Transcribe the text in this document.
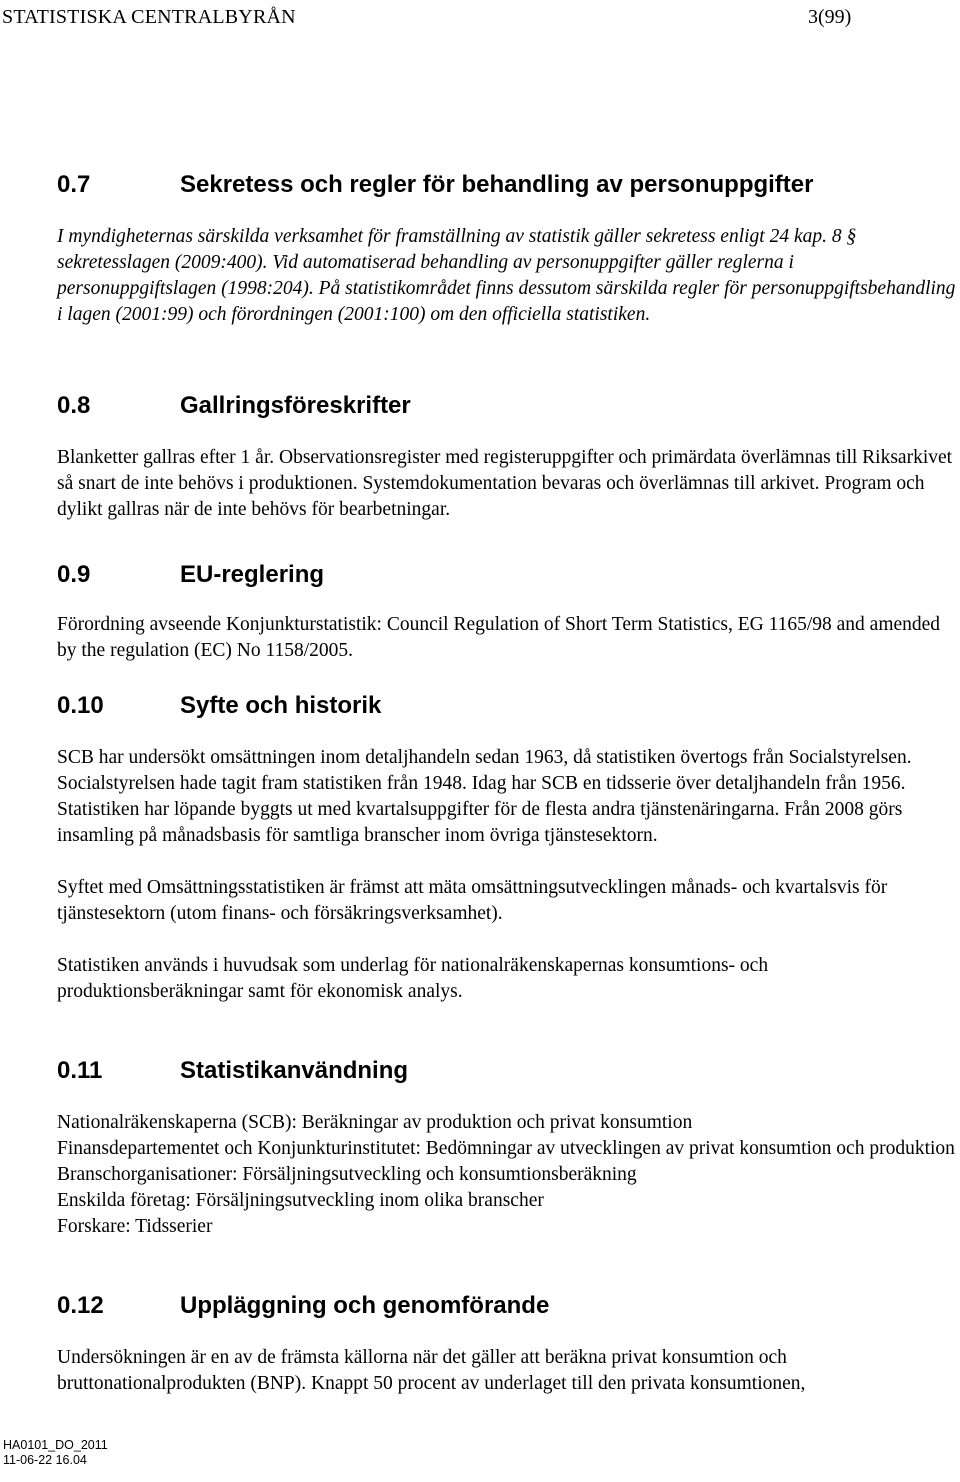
STATISTISKA CENTRALBYRÅN	3(99)
0.7	Sekretess och regler för behandling av personuppgifter

I myndigheternas särskilda verksamhet för framställning av statistik gäller sekretess enligt 24 kap. 8 § sekretesslagen (2009:400). Vid automatiserad behandling av personuppgifter gäller reglerna i personuppgiftslagen (1998:204). På statistikområdet finns dessutom särskilda regler för personuppgiftsbehandling i lagen (2001:99) och förordningen (2001:100) om den officiella statistiken.

0.8	Gallringsföreskrifter

Blanketter gallras efter 1 år. Observationsregister med registeruppgifter och primärdata överlämnas till Riksarkivet så snart de inte behövs i produktionen. Systemdokumentation bevaras och överlämnas till arkivet. Program och dylikt gallras när de inte behövs för bearbetningar.

0.9	EU-reglering

Förordning avseende Konjunkturstatistik: Council Regulation of Short Term Statistics, EG 1165/98 and amended by the regulation (EC) No 1158/2005.

0.10	Syfte och historik

SCB har undersökt omsättningen inom detaljhandeln sedan 1963, då statistiken övertogs från Socialstyrelsen. Socialstyrelsen hade tagit fram statistiken från 1948. Idag har SCB en tidsserie över detaljhandeln från 1956. Statistiken har löpande byggts ut med kvartalsuppgifter för de flesta andra tjänstenäringarna. Från 2008 görs insamling på månadsbasis för samtliga branscher inom övriga tjänstesektorn.

Syftet med Omsättningsstatistiken är främst att mäta omsättningsutvecklingen månads- och kvartalsvis för tjänstesektorn (utom finans- och försäkringsverksamhet).

Statistiken används i huvudsak som underlag för nationalräkenskapernas konsumtions- och produktionsberäkningar samt för ekonomisk analys.

0.11	Statistikanvändning

Nationalräkenskaperna (SCB): Beräkningar av produktion och privat konsumtion

Finansdepartementet och Konjunkturinstitutet: Bedömningar av utvecklingen av privat konsumtion och produktion

Branschorganisationer: Försäljningsutveckling och konsumtionsberäkning

Enskilda företag: Försäljningsutveckling inom olika branscher

Forskare: Tidsserier

0.12	Uppläggning och genomförande

Undersökningen är en av de främsta källorna när det gäller att beräkna privat konsumtion och bruttonationalprodukten (BNP). Knappt 50 procent av underlaget till den privata konsumtionen,

HA0101_DO_2011
11-06-22 16.04
